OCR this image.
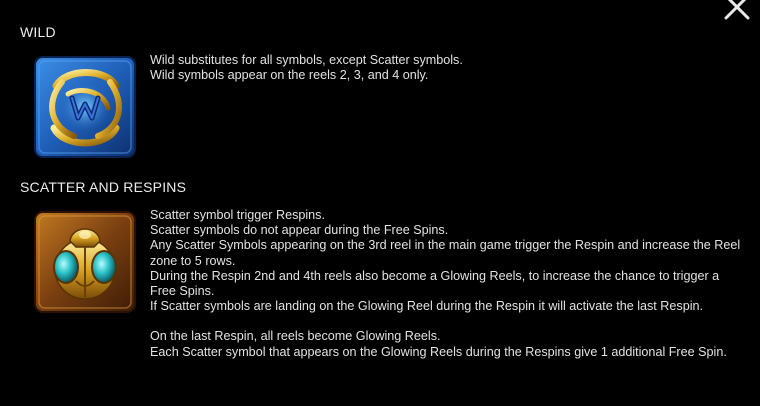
WILD

Wild substitutes for all symbols, except Scatter symbols.

Wild symbols appear on the reels 2, 3, and 4 only.

SCATTER AND RESPINS

Scatter symbol trigger Respins.

Scatter symbols do not appear during the Free Spins.

Any Scatter Symbols appearing on the 3rd reel in the main game trigger the Respin and increase the Reel zone to 5 rows.

During the Respin 2nd and 4th reels also become a Glowing Reels, to increase the chance to trigger a Free Spins.

If Scatter symbols are landing on the Glowing Reel during the Respin it will activate the last Respin.

On the last Respin, all reels become Glowing Reels.

Each Scatter symbol that appears on the Glowing Reels during the Respins give 1 additional Free Spin.
